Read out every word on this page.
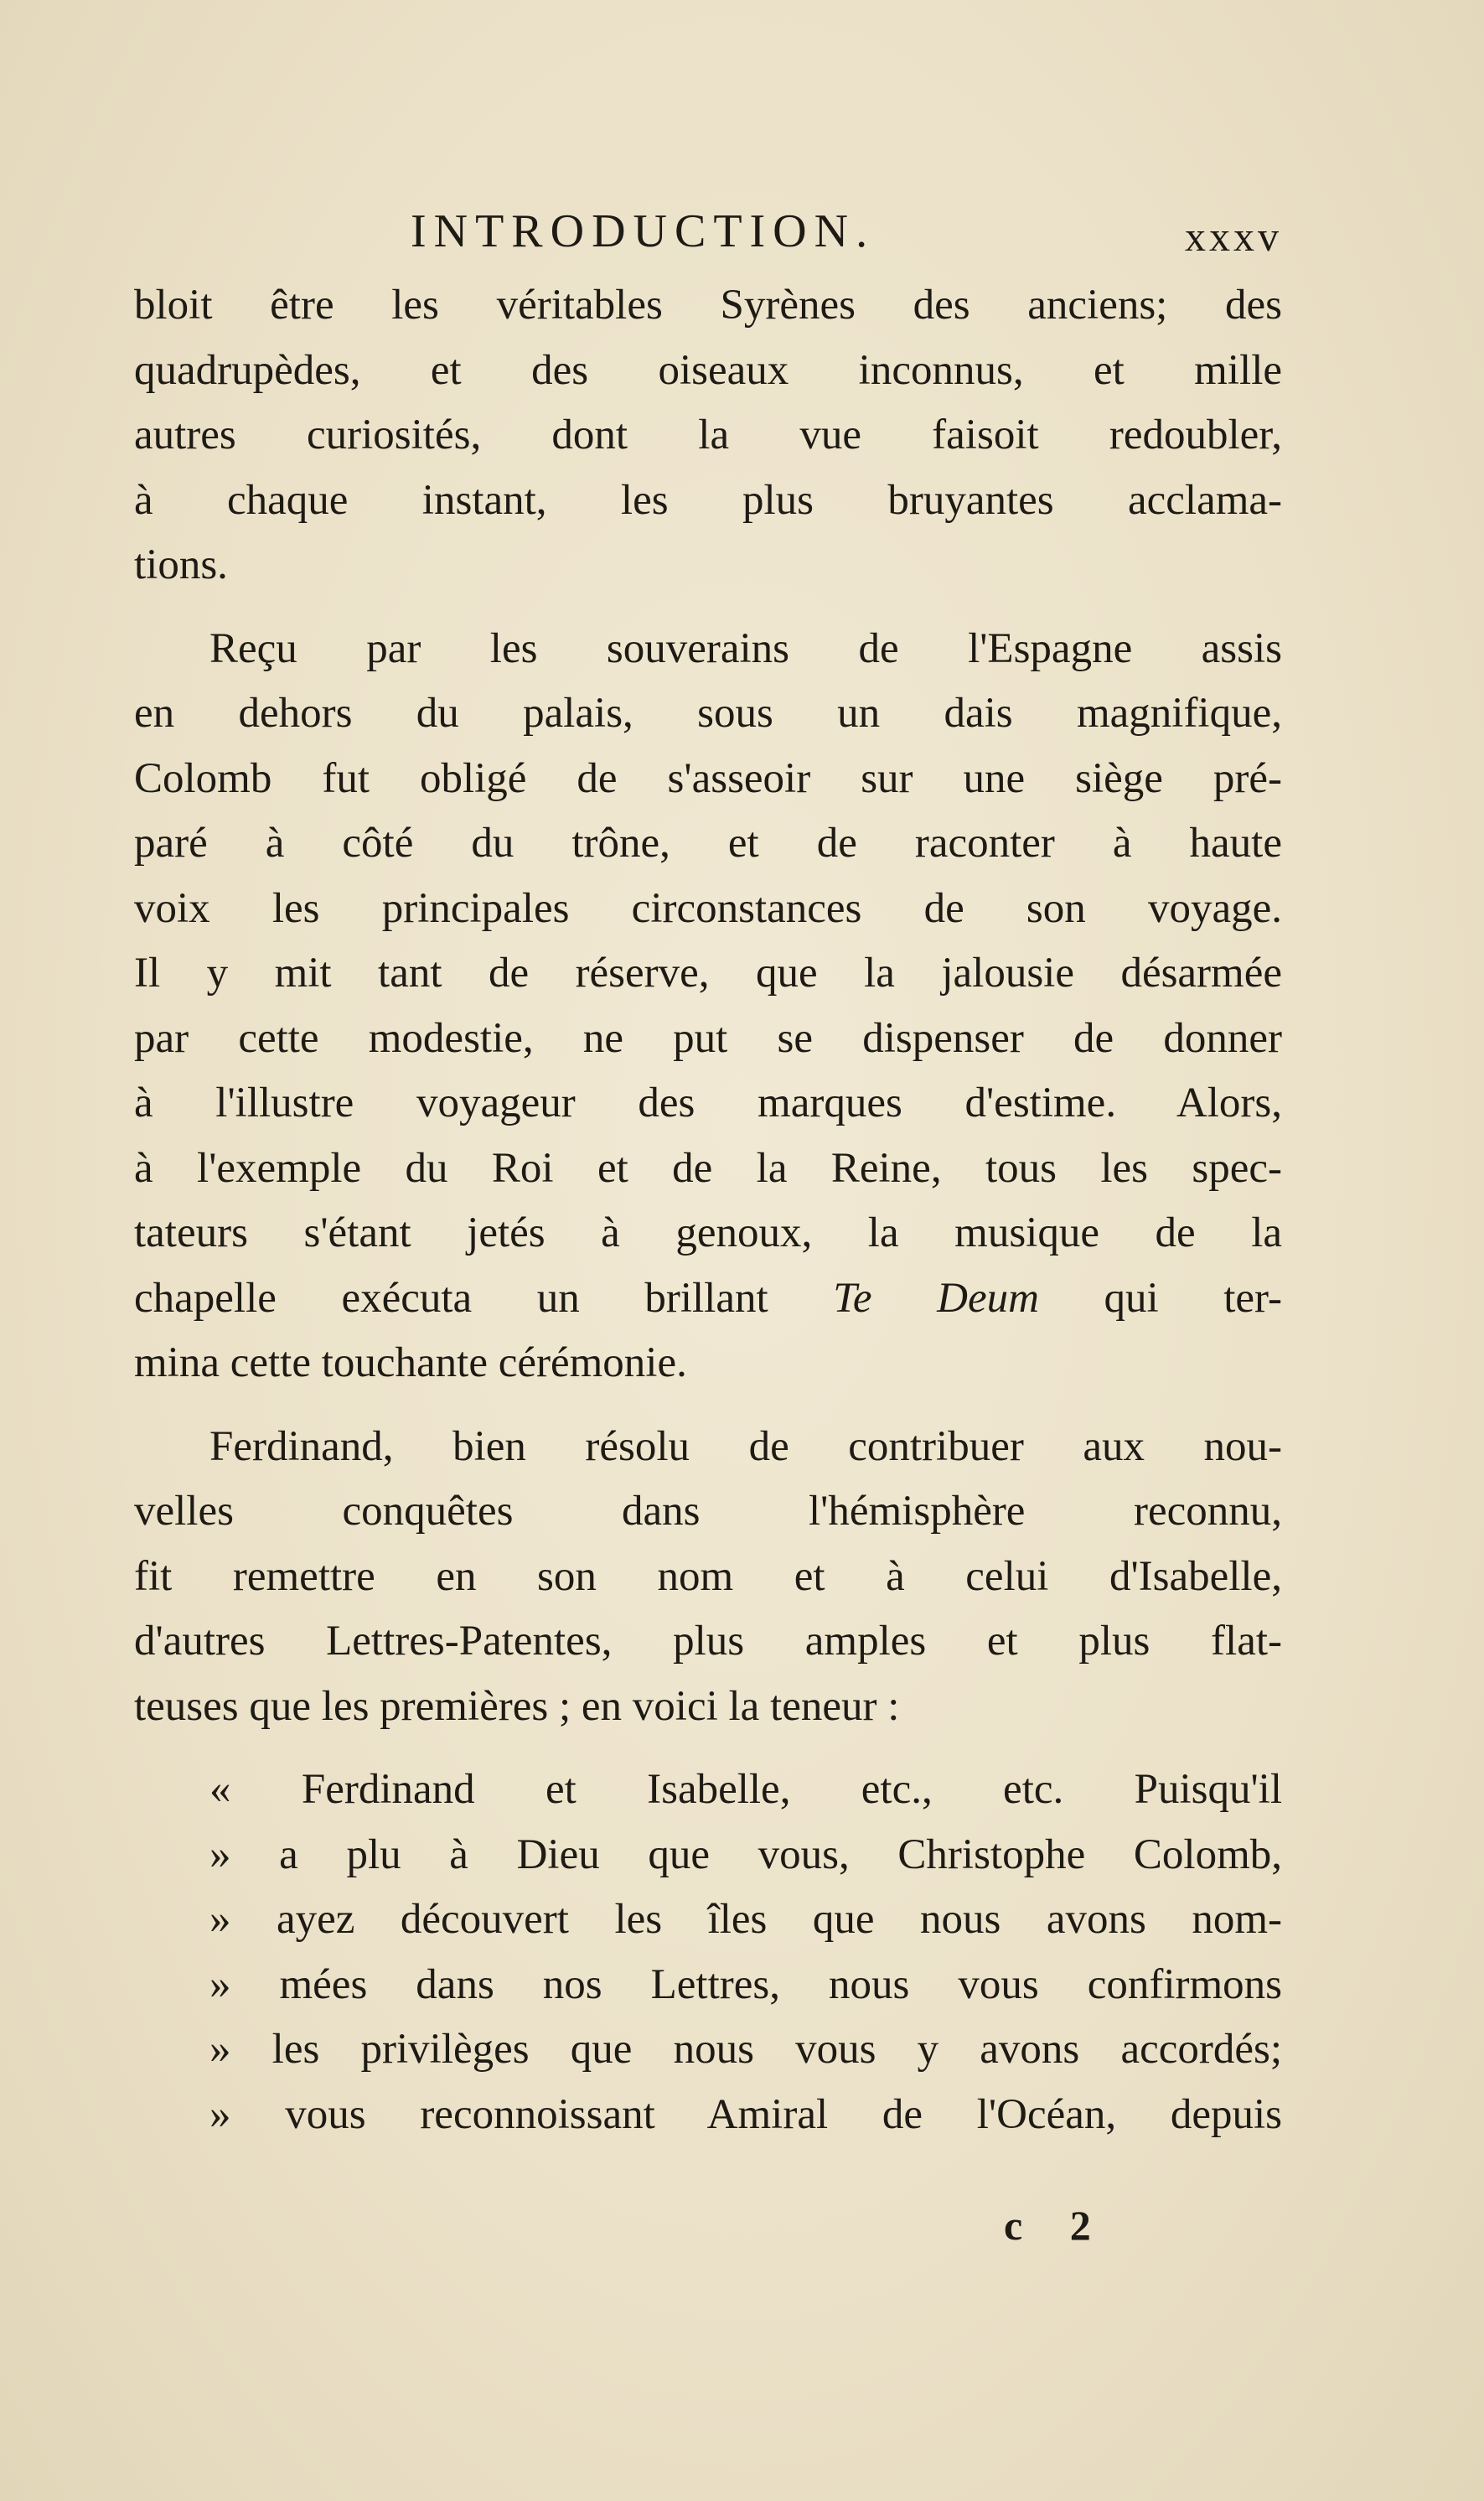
INTRODUCTION.	xxxv
bloit être les véritables Syrènes des anciens; des
quadrupèdes, et des oiseaux inconnus, et mille
autres curiosités, dont la vue faisoit redoubler,
à chaque instant, les plus bruyantes acclama-
tions.
Reçu par les souverains de l'Espagne assis
en dehors du palais, sous un dais magnifique,
Colomb fut obligé de s'asseoir sur une siège pré-
paré à côté du trône, et de raconter à haute
voix les principales circonstances de son voyage.
Il y mit tant de réserve, que la jalousie désarmée
par cette modestie, ne put se dispenser de donner
à l'illustre voyageur des marques d'estime. Alors,
à l'exemple du Roi et de la Reine, tous les spec-
tateurs s'étant jetés à genoux, la musique de la
chapelle exécuta un brillant Te Deum qui ter-
mina cette touchante cérémonie.
Ferdinand, bien résolu de contribuer aux nou-
velles conquêtes dans l'hémisphère reconnu,
fit remettre en son nom et à celui d'Isabelle,
d'autres Lettres-Patentes, plus amples et plus flat-
teuses que les premières ; en voici la teneur :
« Ferdinand et Isabelle, etc., etc. Puisqu'il
» a plu à Dieu que vous, Christophe Colomb,
» ayez découvert les îles que nous avons nom-
» mées dans nos Lettres, nous vous confirmons
» les privilèges que nous vous y avons accordés;
» vous reconnoissant Amiral de l'Océan, depuis
c 2
